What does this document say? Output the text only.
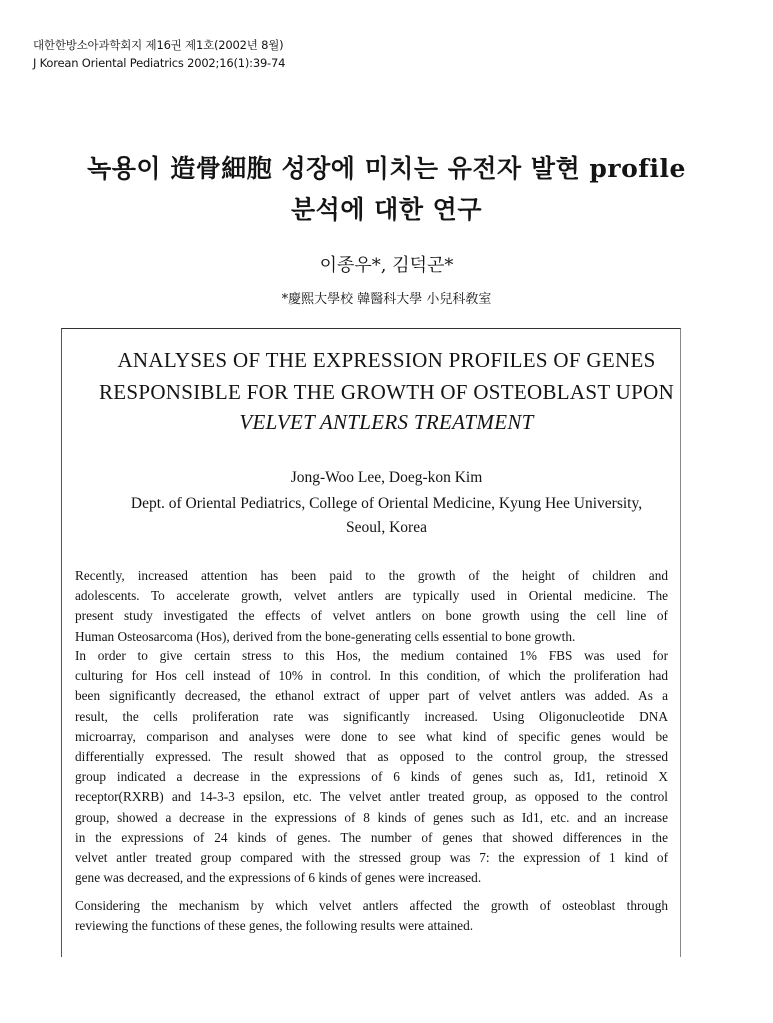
대한한방소아과학회지 제16권 제1호(2002년 8월)
J Korean Oriental Pediatrics 2002;16(1):39-74
녹용이 造骨細胞 성장에 미치는 유전자 발현 profile
분석에 대한 연구
이종우*, 김덕곤*
*慶熙大學校 韓醫科大學 小兒科敎室
ANALYSES OF THE EXPRESSION PROFILES OF GENES
RESPONSIBLE FOR THE GROWTH OF OSTEOBLAST UPON
VELVET ANTLERS TREATMENT
Jong-Woo Lee, Doeg-kon Kim
Dept. of Oriental Pediatrics, College of Oriental Medicine, Kyung Hee University,
Seoul, Korea

Recently, increased attention has been paid to the growth of the height of children and
adolescents. To accelerate growth, velvet antlers are typically used in Oriental medicine. The
present study investigated the effects of velvet antlers on bone growth using the cell line of
Human Osteosarcoma (Hos), derived from the bone-generating cells essential to bone growth.

In order to give certain stress to this Hos, the medium contained 1% FBS was used for
culturing for Hos cell instead of 10% in control. In this condition, of which the proliferation had
been significantly decreased, the ethanol extract of upper part of velvet antlers was added. As a
result, the cells proliferation rate was significantly increased. Using Oligonucleotide DNA
microarray, comparison and analyses were done to see what kind of specific genes would be
differentially expressed. The result showed that as opposed to the control group, the stressed
group indicated a decrease in the expressions of 6 kinds of genes such as, Id1, retinoid X
receptor(RXRB) and 14-3-3 epsilon, etc. The velvet antler treated group, as opposed to the control
group, showed a decrease in the expressions of 8 kinds of genes such as Id1, etc. and an increase
in the expressions of 24 kinds of genes. The number of genes that showed differences in the
velvet antler treated group compared with the stressed group was 7: the expression of 1 kind of
gene was decreased, and the expressions of 6 kinds of genes were increased.

Considering the mechanism by which velvet antlers affected the growth of osteoblast through
reviewing the functions of these genes, the following results were attained.
